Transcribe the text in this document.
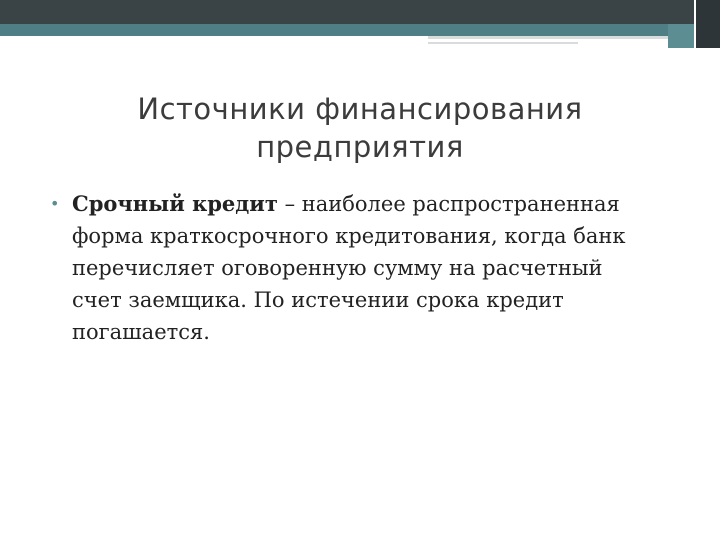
Источники финансирования
предприятия
• Срочный кредит – наиболее распространенная форма краткосрочного кредитования, когда банк перечисляет оговоренную сумму на расчетный счет заемщика. По истечении срока кредит погашается.
